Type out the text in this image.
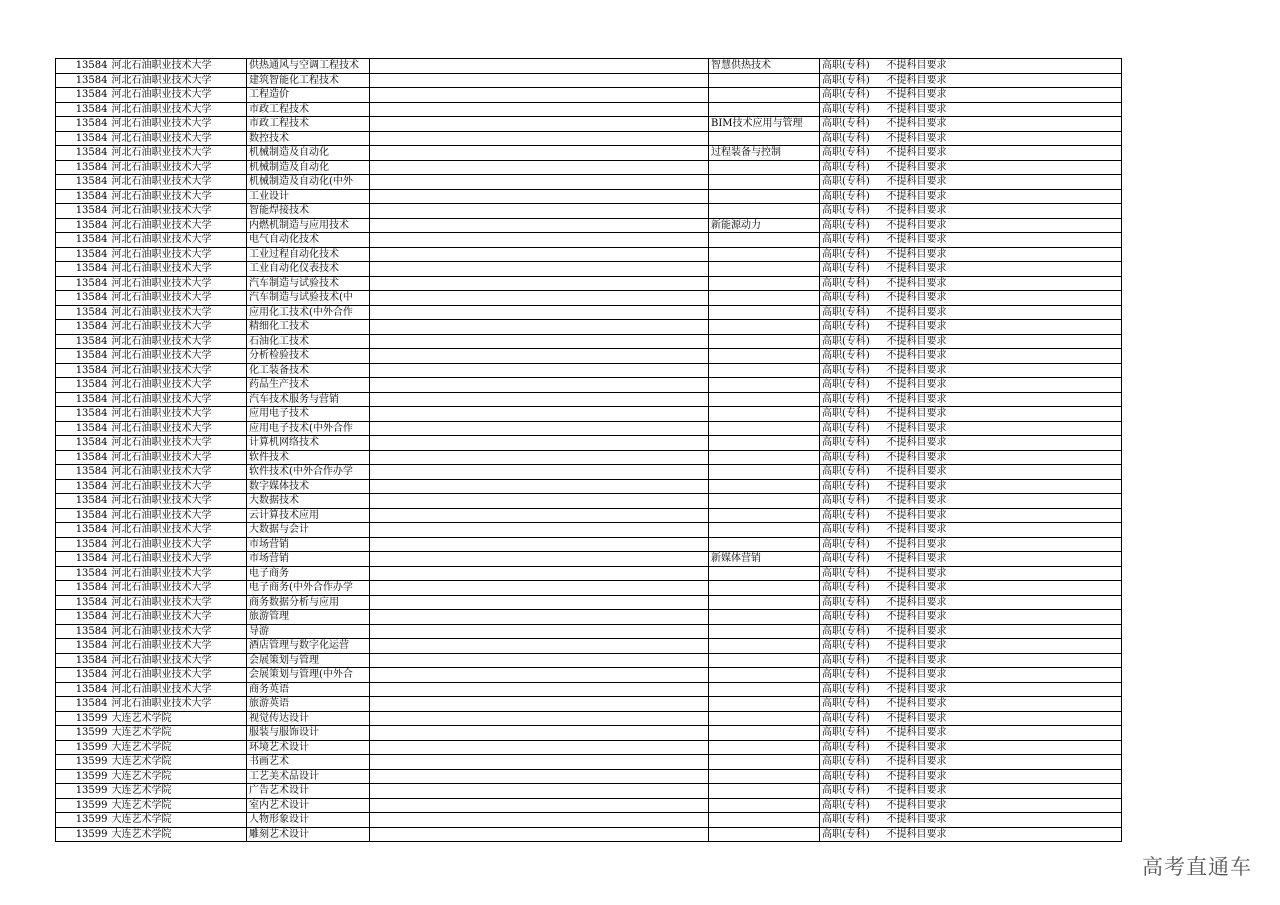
13584	河北石油职业技术大学	供热通风与空调工程技术		智慧供热技术	高职(专科)	不提科目要求
13584	河北石油职业技术大学	建筑智能化工程技术			高职(专科)	不提科目要求
13584	河北石油职业技术大学	工程造价			高职(专科)	不提科目要求
13584	河北石油职业技术大学	市政工程技术			高职(专科)	不提科目要求
13584	河北石油职业技术大学	市政工程技术		BIM技术应用与管理	高职(专科)	不提科目要求
13584	河北石油职业技术大学	数控技术			高职(专科)	不提科目要求
13584	河北石油职业技术大学	机械制造及自动化		过程装备与控制	高职(专科)	不提科目要求
13584	河北石油职业技术大学	机械制造及自动化			高职(专科)	不提科目要求
13584	河北石油职业技术大学	机械制造及自动化(中外			高职(专科)	不提科目要求
13584	河北石油职业技术大学	工业设计			高职(专科)	不提科目要求
13584	河北石油职业技术大学	智能焊接技术			高职(专科)	不提科目要求
13584	河北石油职业技术大学	内燃机制造与应用技术		新能源动力	高职(专科)	不提科目要求
13584	河北石油职业技术大学	电气自动化技术			高职(专科)	不提科目要求
13584	河北石油职业技术大学	工业过程自动化技术			高职(专科)	不提科目要求
13584	河北石油职业技术大学	工业自动化仪表技术			高职(专科)	不提科目要求
13584	河北石油职业技术大学	汽车制造与试验技术			高职(专科)	不提科目要求
13584	河北石油职业技术大学	汽车制造与试验技术(中			高职(专科)	不提科目要求
13584	河北石油职业技术大学	应用化工技术(中外合作			高职(专科)	不提科目要求
13584	河北石油职业技术大学	精细化工技术			高职(专科)	不提科目要求
13584	河北石油职业技术大学	石油化工技术			高职(专科)	不提科目要求
13584	河北石油职业技术大学	分析检验技术			高职(专科)	不提科目要求
13584	河北石油职业技术大学	化工装备技术			高职(专科)	不提科目要求
13584	河北石油职业技术大学	药品生产技术			高职(专科)	不提科目要求
13584	河北石油职业技术大学	汽车技术服务与营销			高职(专科)	不提科目要求
13584	河北石油职业技术大学	应用电子技术			高职(专科)	不提科目要求
13584	河北石油职业技术大学	应用电子技术(中外合作			高职(专科)	不提科目要求
13584	河北石油职业技术大学	计算机网络技术			高职(专科)	不提科目要求
13584	河北石油职业技术大学	软件技术			高职(专科)	不提科目要求
13584	河北石油职业技术大学	软件技术(中外合作办学			高职(专科)	不提科目要求
13584	河北石油职业技术大学	数字媒体技术			高职(专科)	不提科目要求
13584	河北石油职业技术大学	大数据技术			高职(专科)	不提科目要求
13584	河北石油职业技术大学	云计算技术应用			高职(专科)	不提科目要求
13584	河北石油职业技术大学	大数据与会计			高职(专科)	不提科目要求
13584	河北石油职业技术大学	市场营销			高职(专科)	不提科目要求
13584	河北石油职业技术大学	市场营销		新媒体营销	高职(专科)	不提科目要求
13584	河北石油职业技术大学	电子商务			高职(专科)	不提科目要求
13584	河北石油职业技术大学	电子商务(中外合作办学			高职(专科)	不提科目要求
13584	河北石油职业技术大学	商务数据分析与应用			高职(专科)	不提科目要求
13584	河北石油职业技术大学	旅游管理			高职(专科)	不提科目要求
13584	河北石油职业技术大学	导游			高职(专科)	不提科目要求
13584	河北石油职业技术大学	酒店管理与数字化运营			高职(专科)	不提科目要求
13584	河北石油职业技术大学	会展策划与管理			高职(专科)	不提科目要求
13584	河北石油职业技术大学	会展策划与管理(中外合			高职(专科)	不提科目要求
13584	河北石油职业技术大学	商务英语			高职(专科)	不提科目要求
13584	河北石油职业技术大学	旅游英语			高职(专科)	不提科目要求
13599	大连艺术学院	视觉传达设计			高职(专科)	不提科目要求
13599	大连艺术学院	服装与服饰设计			高职(专科)	不提科目要求
13599	大连艺术学院	环境艺术设计			高职(专科)	不提科目要求
13599	大连艺术学院	书画艺术			高职(专科)	不提科目要求
13599	大连艺术学院	工艺美术品设计			高职(专科)	不提科目要求
13599	大连艺术学院	广告艺术设计			高职(专科)	不提科目要求
13599	大连艺术学院	室内艺术设计			高职(专科)	不提科目要求
13599	大连艺术学院	人物形象设计			高职(专科)	不提科目要求
13599	大连艺术学院	雕刻艺术设计			高职(专科)	不提科目要求
高考直通车
